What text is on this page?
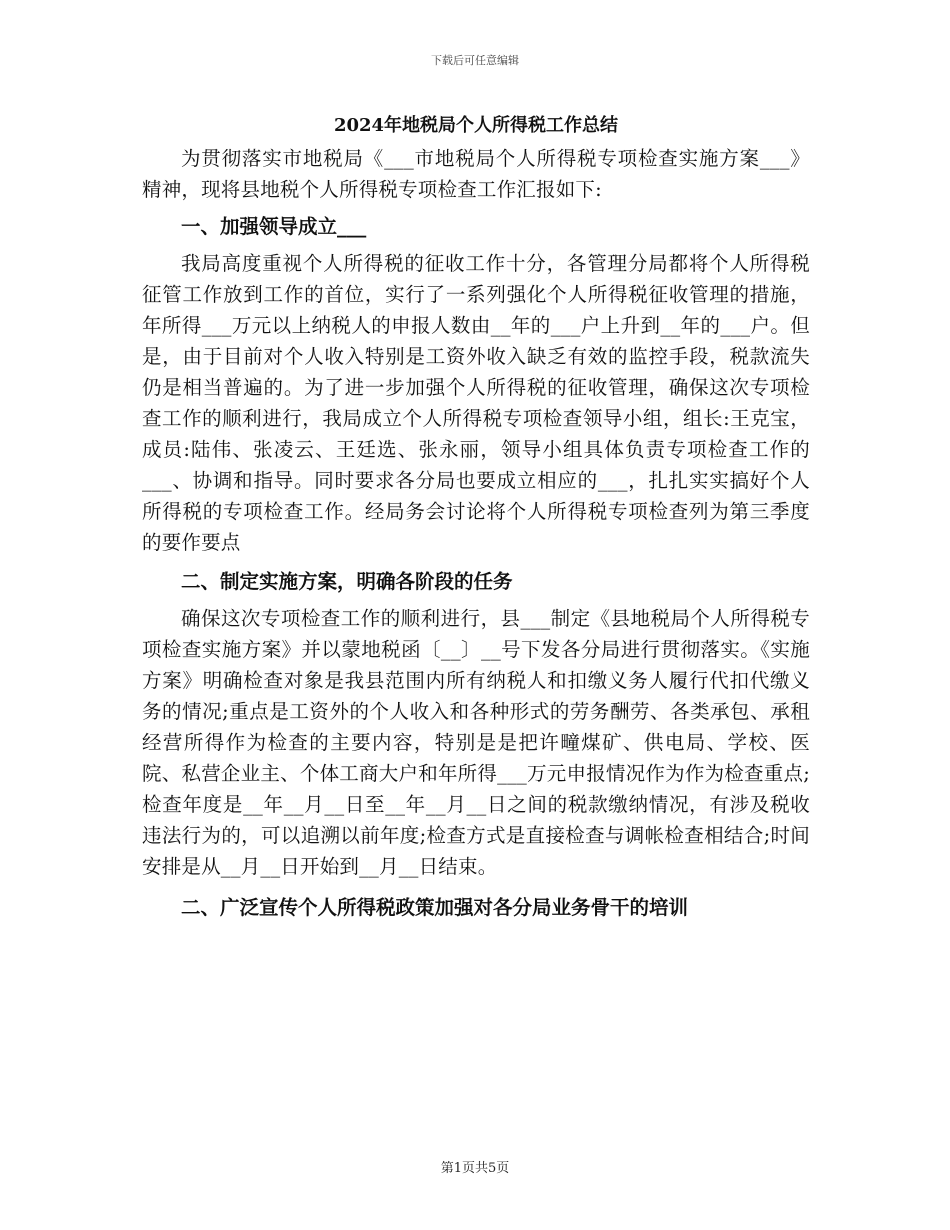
下载后可任意编辑
2024年地税局个人所得税工作总结

为贯彻落实市地税局《___市地税局个人所得税专项检查实施方案___》精神，现将县地税个人所得税专项检查工作汇报如下:

一、加强领导成立___

我局高度重视个人所得税的征收工作十分，各管理分局都将个人所得税征管工作放到工作的首位，实行了一系列强化个人所得税征收管理的措施，年所得___万元以上纳税人的申报人数由__年的___户上升到__年的___户。但是，由于目前对个人收入特别是工资外收入缺乏有效的监控手段，税款流失仍是相当普遍的。为了进一步加强个人所得税的征收管理，确保这次专项检查工作的顺利进行，我局成立个人所得税专项检查领导小组，组长:王克宝，成员:陆伟、张凌云、王廷选、张永丽，领导小组具体负责专项检查工作的___、协调和指导。同时要求各分局也要成立相应的___，扎扎实实搞好个人所得税的专项检查工作。经局务会讨论将个人所得税专项检查列为第三季度的要作要点

二、制定实施方案，明确各阶段的任务

确保这次专项检查工作的顺利进行，县___制定《县地税局个人所得税专项检查实施方案》并以蒙地税函〔__〕__号下发各分局进行贯彻落实。《实施方案》明确检查对象是我县范围内所有纳税人和扣缴义务人履行代扣代缴义务的情况;重点是工资外的个人收入和各种形式的劳务酬劳、各类承包、承租经营所得作为检查的主要内容，特别是是把许疃煤矿、供电局、学校、医院、私营企业主、个体工商大户和年所得___万元申报情况作为作为检查重点;检查年度是__年__月__日至__年__月__日之间的税款缴纳情况，有涉及税收违法行为的，可以追溯以前年度;检查方式是直接检查与调帐检查相结合;时间安排是从__月__日开始到__月__日结束。

二、广泛宣传个人所得税政策加强对各分局业务骨干的培训

第1页共5页
